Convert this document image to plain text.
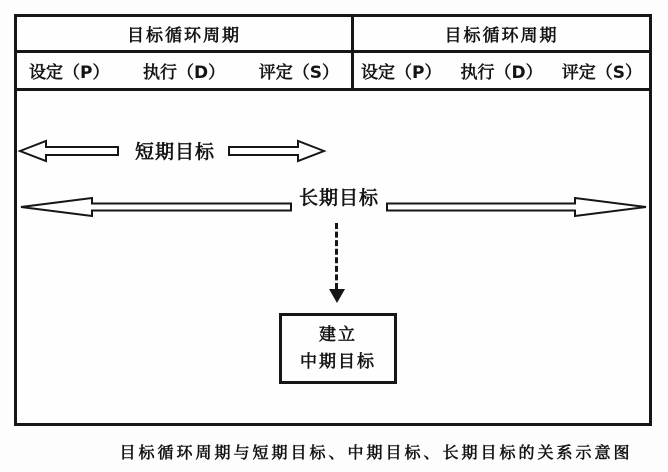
目标循环周期
设定（P） 执行（D） 评定（S）
目标循环周期
设定（P） 执行（D） 评定（S）
短期目标
长期目标
建立
中期目标
目标循环周期与短期目标、中期目标、长期目标的关系示意图
